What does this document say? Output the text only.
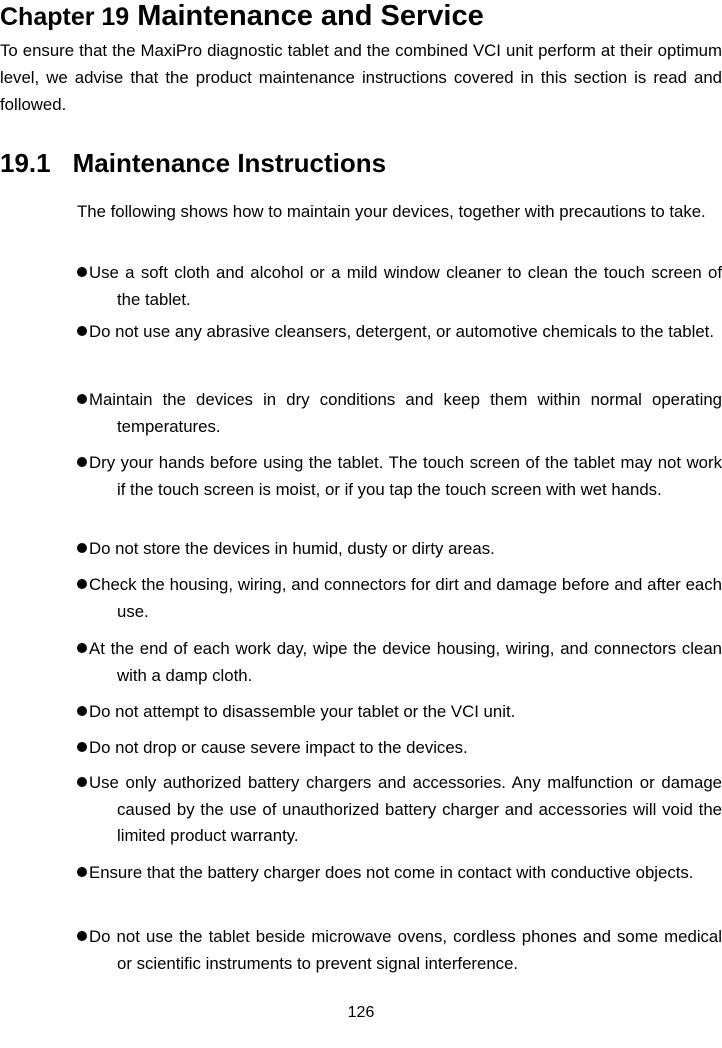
Chapter 19 Maintenance and Service
To ensure that the MaxiPro diagnostic tablet and the combined VCI unit perform at their optimum level, we advise that the product maintenance instructions covered in this section is read and followed.
19.1 Maintenance Instructions
The following shows how to maintain your devices, together with precautions to take.
Use a soft cloth and alcohol or a mild window cleaner to clean the touch screen of the tablet.
Do not use any abrasive cleansers, detergent, or automotive chemicals to the tablet.
Maintain the devices in dry conditions and keep them within normal operating temperatures.
Dry your hands before using the tablet. The touch screen of the tablet may not work if the touch screen is moist, or if you tap the touch screen with wet hands.
Do not store the devices in humid, dusty or dirty areas.
Check the housing, wiring, and connectors for dirt and damage before and after each use.
At the end of each work day, wipe the device housing, wiring, and connectors clean with a damp cloth.
Do not attempt to disassemble your tablet or the VCI unit.
Do not drop or cause severe impact to the devices.
Use only authorized battery chargers and accessories. Any malfunction or damage caused by the use of unauthorized battery charger and accessories will void the limited product warranty.
Ensure that the battery charger does not come in contact with conductive objects.
Do not use the tablet beside microwave ovens, cordless phones and some medical or scientific instruments to prevent signal interference.
126
